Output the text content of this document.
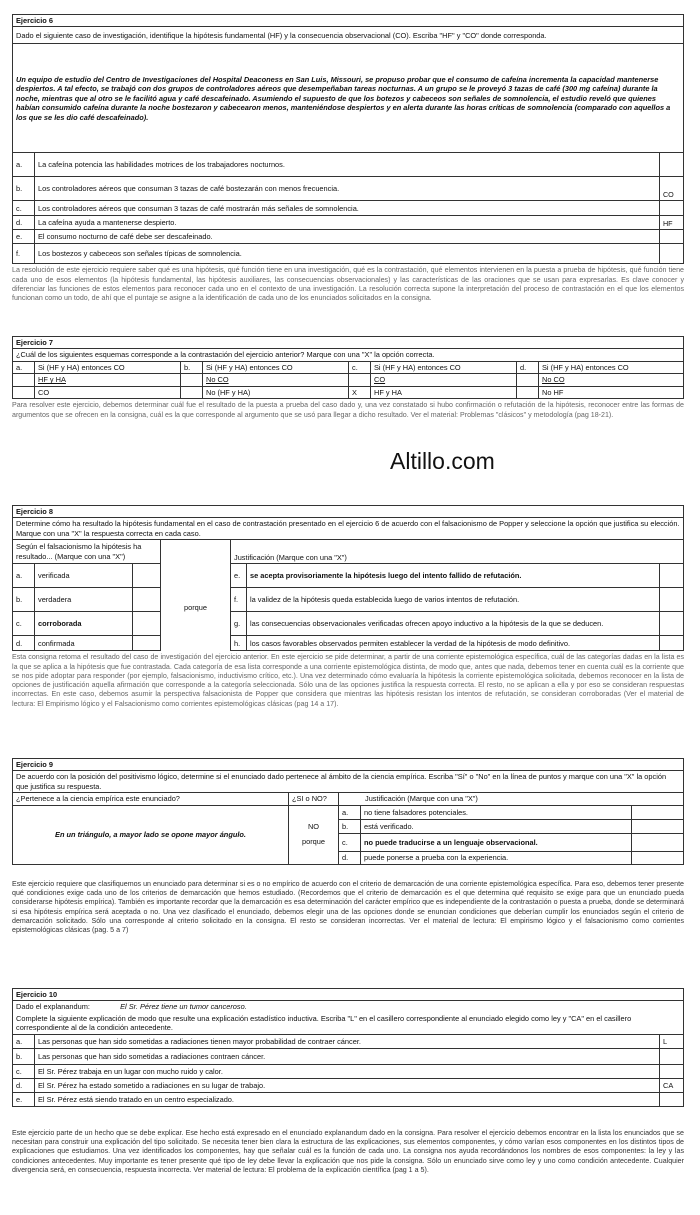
Ejercicio 6		
Dado el siguiente caso de investigación, identifique la hipótesis fundamental (HF) y la consecuencia observacional (CO). Escriba "HF" y "CO" donde corresponda.		
Un equipo de estudio del Centro de Investigaciones del Hospital Deaconess en San Luis, Missouri, se propuso probar que el consumo de cafeína incrementa la capacidad mantenerse despiertos. A tal efecto, se trabajó con dos grupos de controladores aéreos que desempeñaban tareas nocturnas. A un grupo se le proveyó 3 tazas de café (300 mg cafeína) durante la noche, mientras que al otro se le facilitó agua y café descafeinado. Asumiendo el supuesto de que los botezos y cabeceos son señales de somnolencia, el estudio reveló que quienes habían consumido cafeína durante la noche bostezaron y cabecearon menos, manteniéndose despiertos y en alerta durante las horas críticas de somnolencia (comparado con aquellos a los que se les dio café descafeinado).		
a.	La cafeína potencia las habilidades motrices de los trabajadores nocturnos.	
b.	Los controladores aéreos que consuman 3 tazas de café bostezarán con menos frecuencia.	CO
c.	Los controladores aéreos que consuman 3 tazas de café mostrarán más señales de somnolencia.	
d.	La cafeína ayuda a mantenerse despierto.	HF
e.	El consumo nocturno de café debe ser descafeinado.	
f.	Los bostezos y cabeceos son señales típicas de somnolencia.	
La resolución de este ejercicio requiere saber qué es una hipótesis, qué función tiene en una investigación, qué es la contrastación, qué elementos intervienen en la puesta a prueba de hipótesis, qué función tiene cada uno de esos elementos (la hipótesis fundamental, las hipótesis auxiliares, las consecuencias observacionales) y las características de las oraciones que se usan para expresarlas. Es clave conocer y diferenciar las funciones de estos elementos para reconocer cada uno en el contexto de una investigación. La resolución correcta supone la interpretación del proceso de contrastación en el que los elementos funcionan como un todo, de ahí que el puntaje se asigne a la identificación de cada uno de los enunciados solicitados en la consigna.
Ejercicio 7							
¿Cuál de los siguientes esquemas corresponde a la contrastación del ejercicio anterior? Marque con una "X" la opción correcta.							
a.	Si (HF y HA) entonces CO	b.	Si (HF y HA) entonces CO	c.	Si (HF y HA) entonces CO	d.	Si (HF y HA) entonces CO
	HF y HA		No CO		CO		No CO
	CO		No (HF y HA)	X	HF y HA		No HF
Para resolver este ejercicio, debemos determinar cuál fue el resultado de la puesta a prueba del caso dado y, una vez constatado si hubo confirmación o refutación de la hipótesis, reconocer entre las formas de argumentos que se ofrecen en la consigna, cuál es la que corresponde al argumento que se usó para llegar a dicho resultado. Ver el material: Problemas "clásicos" y metodología (pag 18-21).
Altillo.com
Ejercicio 8						
Determine cómo ha resultado la hipótesis fundamental en el caso de contrastación presentado en el ejercicio 6 de acuerdo con el falsacionismo de Popper y seleccione la opción que justifica su elección. Marque con una "X" la respuesta correcta en cada caso.						
Según el falsacionismo la hipótesis ha resultado... (Marque con una "X")				Justificación (Marque con una "X")		
a.	verificada		porque	e.	se acepta provisoriamente la hipótesis luego del intento fallido de refutación.	
b.	verdadera			f.	la validez de la hipótesis queda establecida luego de varios intentos de refutación.	
c.	corroborada			g.	las consecuencias observacionales verificadas ofrecen apoyo inductivo a la hipótesis de la que se deducen.	
d.	confirmada			h.	los casos favorables observados permiten establecer la verdad de la hipótesis de modo definitivo.	
Esta consigna retoma el resultado del caso de investigación del ejercicio anterior. En este ejercicio se pide determinar, a partir de una corriente epistemológica específica, cuál de las categorías dadas en la lista es la que se aplica a la hipótesis que fue contrastada. Cada categoría de esa lista corresponde a una corriente epistemológica distinta, de modo que, antes que nada, debemos tener en cuenta cuál es la corriente que se nos pide adoptar para responder (por ejemplo, falsacionismo, inductivismo crítico, etc.). Una vez determinado cómo evaluaría la hipótesis la corriente epistemológica solicitada, debemos reconocer en la lista de opciones de justificación aquella afirmación que corresponde a la categoría seleccionada. Sólo una de las opciones justifica la respuesta correcta. El resto, no se aplican a ella y por eso se consideran respuestas incorrectas. En este caso, debemos asumir la perspectiva falsacionista de Popper que considera que mientras las hipótesis resistan los intentos de refutación, se consideran corroboradas (Ver el material de lectura: El Empirismo lógico y el Falsacionismo como corrientes epistemológicas clásicas (pag 14 a 17).
Ejercicio 9				
De acuerdo con la posición del positivismo lógico, determine si el enunciado dado pertenece al ámbito de la ciencia empírica. Escriba "Sí" o "No" en la línea de puntos y marque con una "X" la opción que justifica su respuesta.				
¿Pertenece a la ciencia empírica este enunciado?	¿SI o NO?	Justificación (Marque con una "X")		
En un triángulo, a mayor lado se opone mayor ángulo.	NO
porque	a.	no tiene falsadores potenciales.	
		b.	está verificado.	
		c.	no puede traducirse a un lenguaje observacional.	
		d.	puede ponerse a prueba con la experiencia.	
Este ejercicio requiere que clasifiquemos un enunciado para determinar si es o no empírico de acuerdo con el criterio de demarcación de una corriente epistemológica específica. Para eso, debemos tener presente qué condiciones exige cada uno de los criterios de demarcación que hemos estudiado. (Recordemos que el criterio de demarcación es el que determina qué requisito se exige para que un enunciado pueda considerarse hipótesis empírica). También es importante recordar que la demarcación es esa determinación del carácter empírico que es independiente de la contrastación o puesta a prueba, donde se determinará si esa hipótesis empírica será aceptada o no. Una vez clasificado el enunciado, debemos elegir una de las opciones donde se enuncian condiciones que deberían cumplir los enunciados según el criterio de demarcación solicitado. Sólo una corresponde al criterio solicitado en la consigna. El resto se consideran incorrectas. Ver el material de lectura: El empirismo lógico y el falsacionismo como corrientes epistemológicas clásicas (pag. 5 a 7)
Ejercicio 10		
Dado el explanandum: El Sr. Pérez tiene un tumor canceroso.		
Complete la siguiente explicación de modo que resulte una explicación estadístico inductiva. Escriba "L" en el casillero correspondiente al enunciado elegido como ley y "CA" en el casillero correspondiente al de la condición antecedente.		
a.	Las personas que han sido sometidas a radiaciones tienen mayor probabilidad de contraer cáncer.	L
b.	Las personas que han sido sometidas a radiaciones contraen cáncer.	
c.	El Sr. Pérez trabaja en un lugar con mucho ruido y calor.	
d.	El Sr. Pérez ha estado sometido a radiaciones en su lugar de trabajo.	CA
e.	El Sr. Pérez está siendo tratado en un centro especializado.	
Este ejercicio parte de un hecho que se debe explicar. Ese hecho está expresado en el enunciado explanandum dado en la consigna. Para resolver el ejercicio debemos encontrar en la lista los enunciados que se necesitan para construir una explicación del tipo solicitado. Se necesita tener bien clara la estructura de las explicaciones, sus elementos componentes, y cómo varían esos componentes en los distintos tipos de explicaciones que estudiamos. Una vez identificados los componentes, hay que señalar cuál es la función de cada uno. La consigna nos ayuda recordándonos los nombres de esos componentes: la ley y las condiciones antecedentes. Muy importante es tener presente qué tipo de ley debe llevar la explicación que nos pide la consigna. Sólo un enunciado sirve como ley y uno como condición antecedente. Cualquier divergencia será, en consecuencia, respuesta incorrecta. Ver material de lectura: El problema de la explicación científica (pag 1 a 5).
